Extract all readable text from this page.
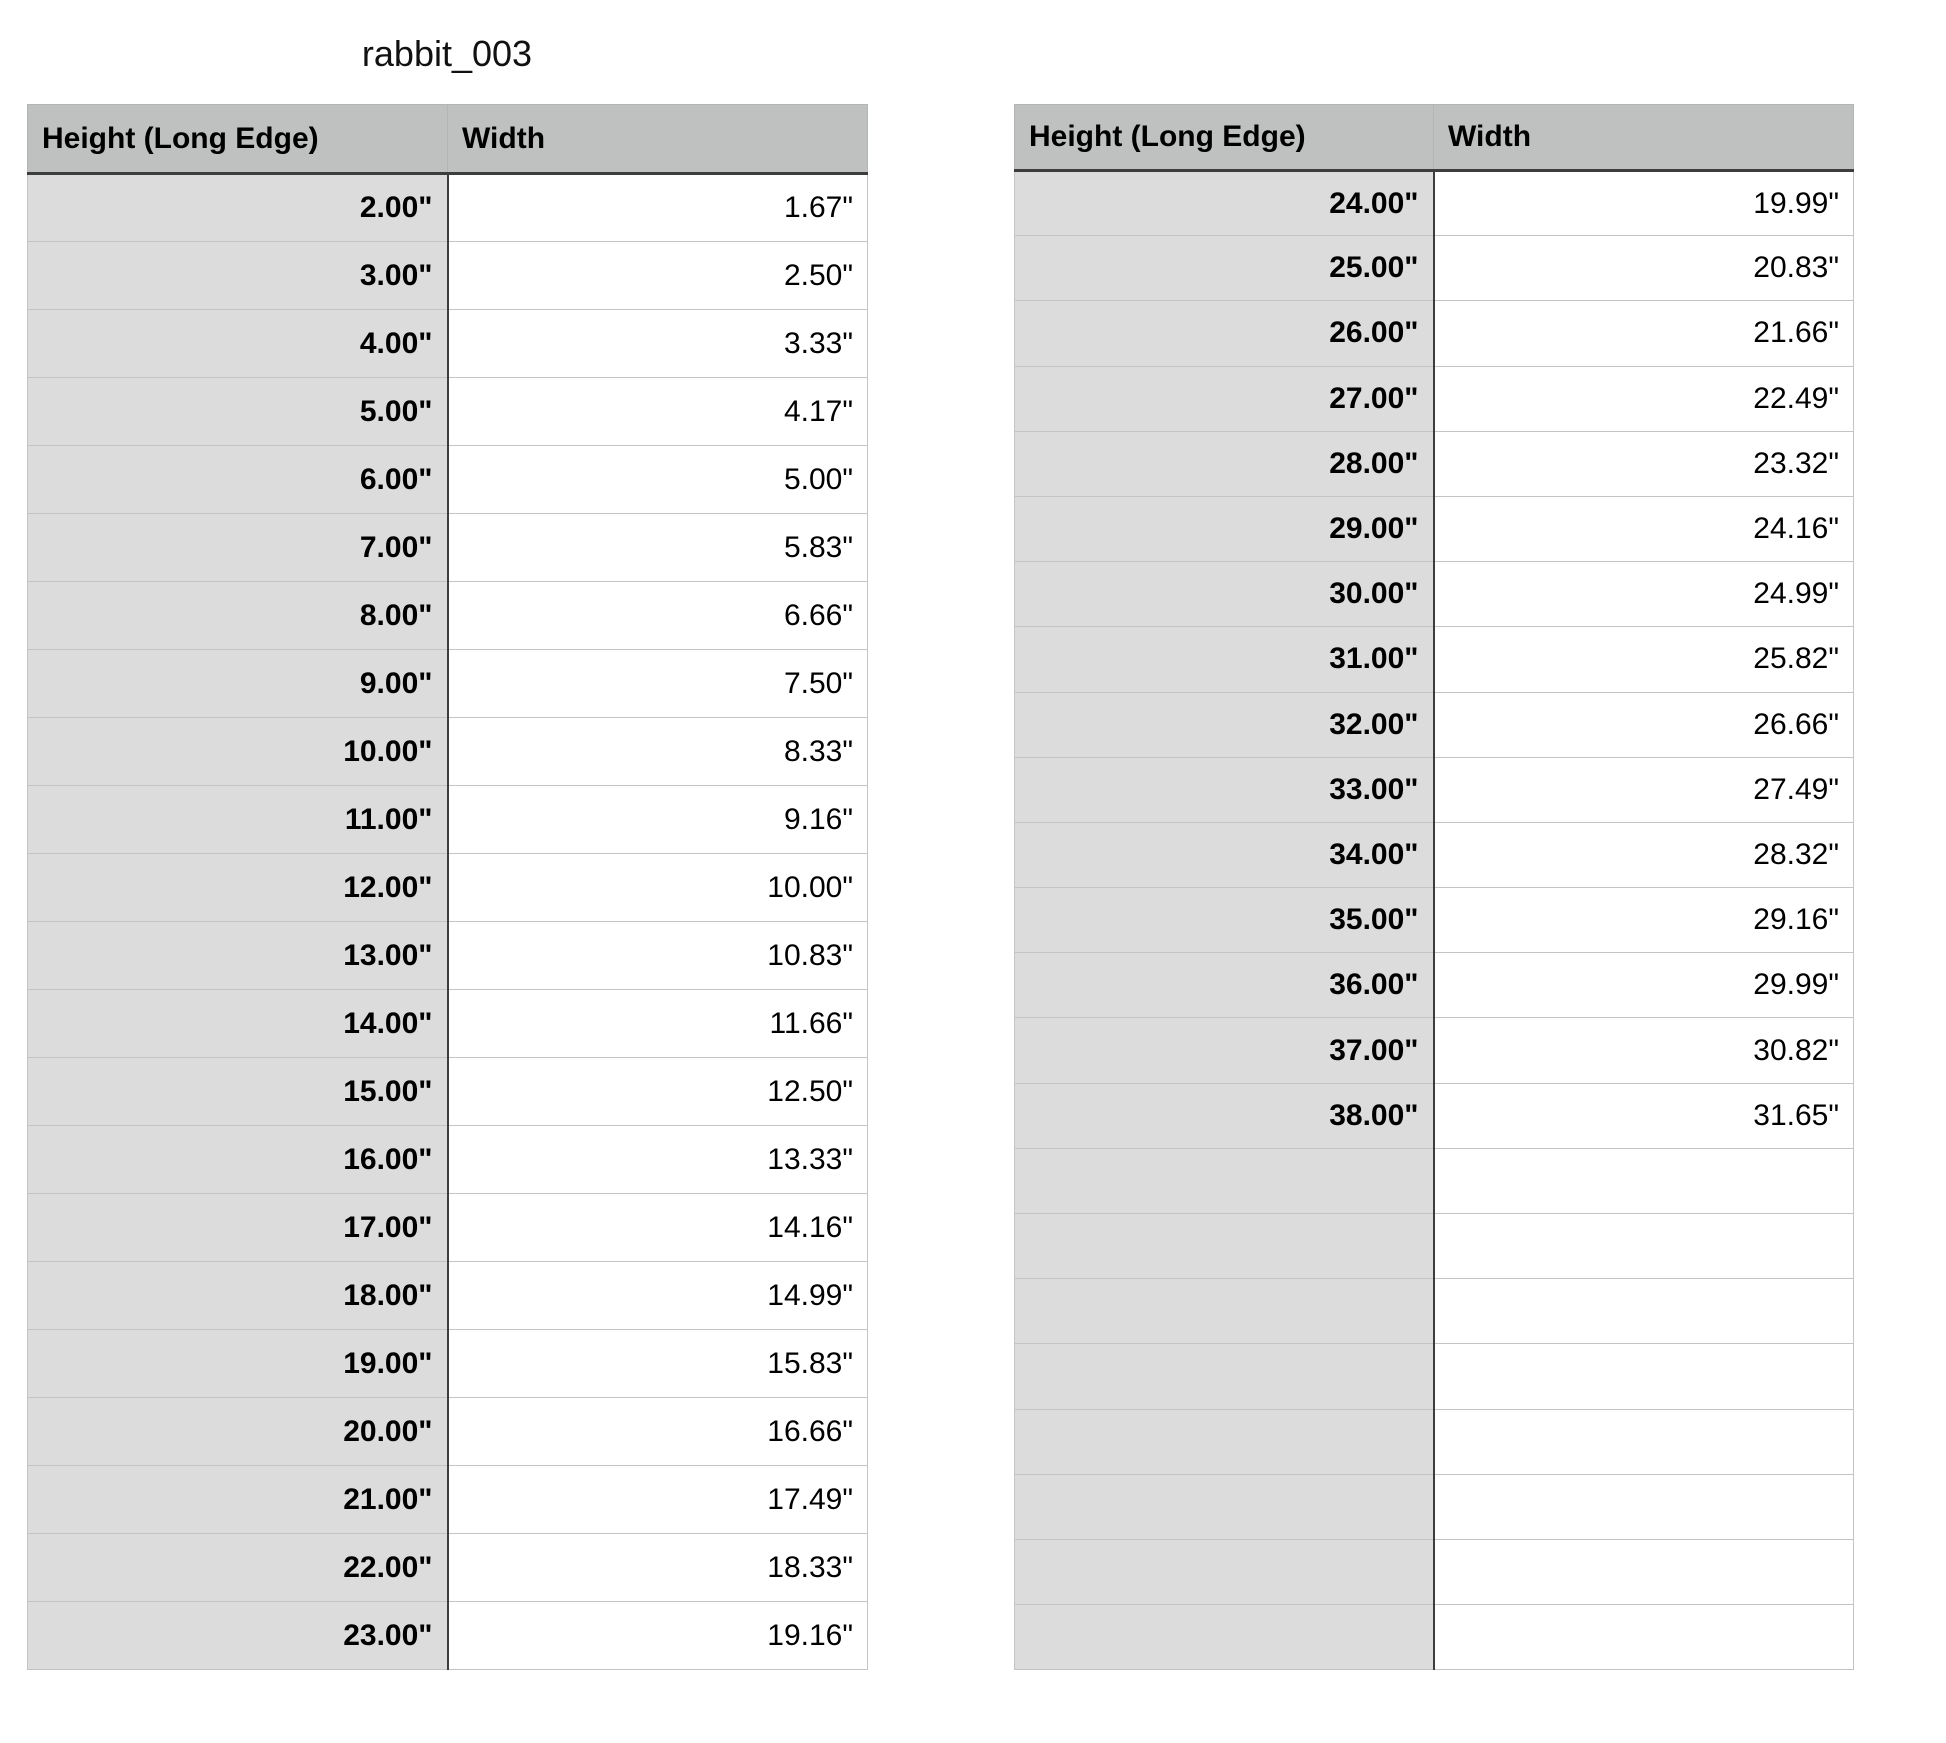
rabbit_003
Height (Long Edge)	Width
2.00"	1.67"
3.00"	2.50"
4.00"	3.33"
5.00"	4.17"
6.00"	5.00"
7.00"	5.83"
8.00"	6.66"
9.00"	7.50"
10.00"	8.33"
11.00"	9.16"
12.00"	10.00"
13.00"	10.83"
14.00"	11.66"
15.00"	12.50"
16.00"	13.33"
17.00"	14.16"
18.00"	14.99"
19.00"	15.83"
20.00"	16.66"
21.00"	17.49"
22.00"	18.33"
23.00"	19.16"
Height (Long Edge)	Width
24.00"	19.99"
25.00"	20.83"
26.00"	21.66"
27.00"	22.49"
28.00"	23.32"
29.00"	24.16"
30.00"	24.99"
31.00"	25.82"
32.00"	26.66"
33.00"	27.49"
34.00"	28.32"
35.00"	29.16"
36.00"	29.99"
37.00"	30.82"
38.00"	31.65"
